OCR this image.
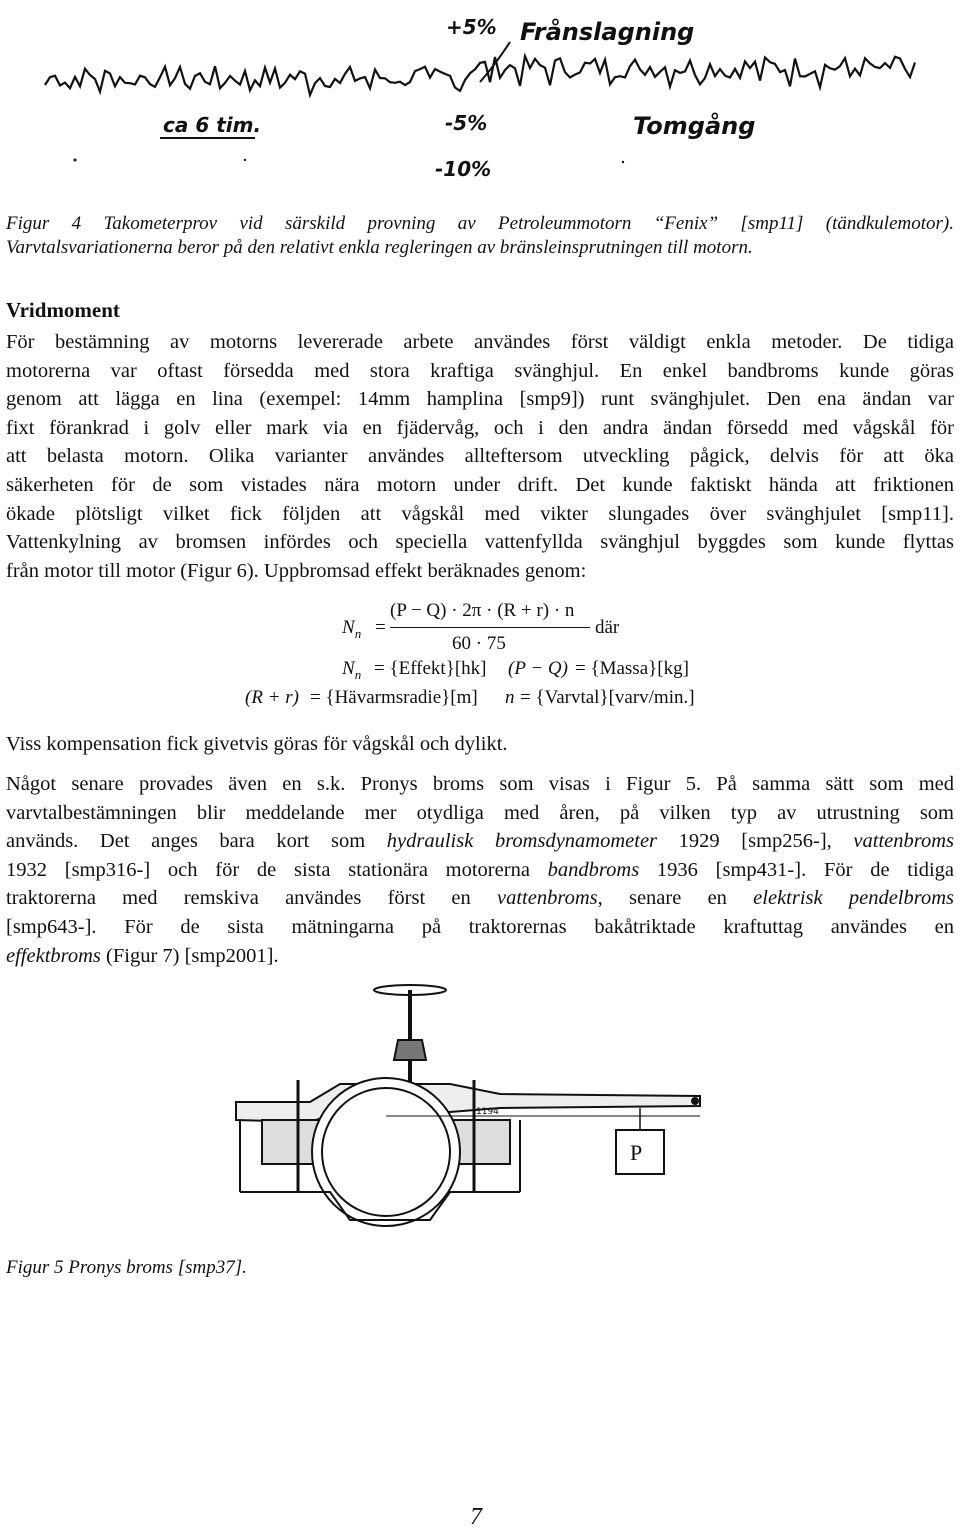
+5% Frånslagning
ca 6 tim.	-5%	Tomgång
-10%
Figur 4 Takometerprov vid särskild provning av Petroleummotorn “Fenix” [smp11] (tändkulemotor).
Varvtalsvariationerna beror på den relativt enkla regleringen av bränsleinsprutningen till motorn.
Vridmoment

För bestämning av motorns levererade arbete användes först väldigt enkla metoder. De tidiga
motorerna var oftast försedda med stora kraftiga svänghjul. En enkel bandbroms kunde göras
genom att lägga en lina (exempel: 14mm hamplina [smp9]) runt svänghjulet. Den ena ändan var
fixt förankrad i golv eller mark via en fjädervåg, och i den andra ändan försedd med vågskål för
att belasta motorn. Olika varianter användes allteftersom utveckling pågick, delvis för att öka
säkerheten för de som vistades nära motorn under drift. Det kunde faktiskt hända att friktionen
ökade plötsligt vilket fick följden att vågskål med vikter slungades över svänghjulet [smp11].
Vattenkylning av bromsen infördes och speciella vattenfyllda svänghjul byggdes som kunde flyttas
från motor till motor (Figur 6). Uppbromsad effekt beräknades genom:

(P − Q) · 2π · (R + r) · n
$N_n$ =
60 · 75
där
$N_n$ = {Effekt}[hk] (P − Q) = {Massa}[kg]
(R + r) = {Hävarmsradie}[m] n = {Varvtal}[varv/min.]

Viss kompensation fick givetvis göras för vågskål och dylikt.

Något senare provades även en s.k. Pronys broms som visas i Figur 5. På samma sätt som med
varvtalbestämningen blir meddelande mer otydliga med åren, på vilken typ av utrustning som
används. Det anges bara kort som hydraulisk bromsdynamometer 1929 [smp256-], vattenbroms
1932 [smp316-] och för de sista stationära motorerna bandbroms 1936 [smp431-]. För de tidiga
traktorerna med remskiva användes först en vattenbroms, senare en elektrisk pendelbroms
[smp643-]. För de sista mätningarna på traktorernas bakåtriktade kraftuttag användes en
effektbroms (Figur 7) [smp2001].

1194
P
Figur 5 Pronys broms [smp37].
7
